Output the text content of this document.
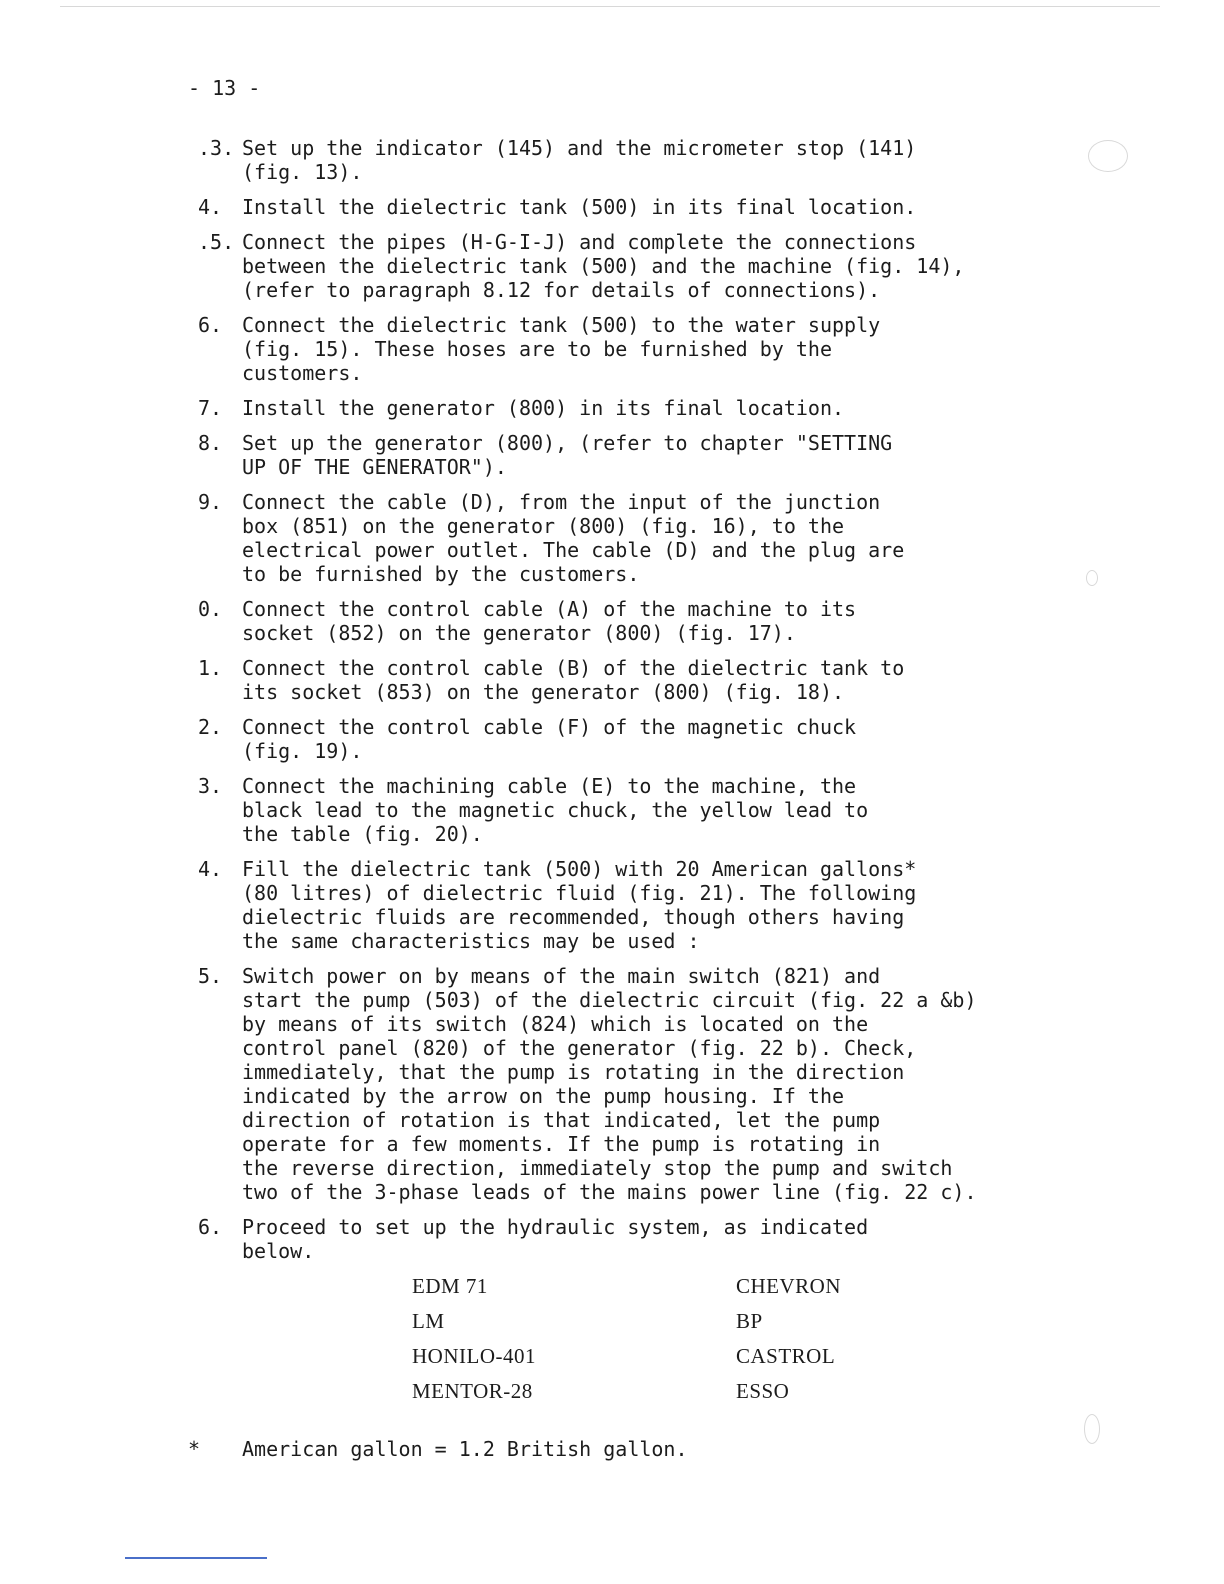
- 13 -
.3. Set up the indicator (145) and the micrometer stop (141)
(fig. 13).
4. Install the dielectric tank (500) in its final location.
.5. Connect the pipes (H-G-I-J) and complete the connections
between the dielectric tank (500) and the machine (fig. 14),
(refer to paragraph 8.12 for details of connections).
6. Connect the dielectric tank (500) to the water supply
(fig. 15). These hoses are to be furnished by the
customers.
7. Install the generator (800) in its final location.
8. Set up the generator (800), (refer to chapter "SETTING
UP OF THE GENERATOR").
9. Connect the cable (D), from the input of the junction
box (851) on the generator (800) (fig. 16), to the
electrical power outlet. The cable (D) and the plug are
to be furnished by the customers.
0. Connect the control cable (A) of the machine to its
socket (852) on the generator (800) (fig. 17).
1. Connect the control cable (B) of the dielectric tank to
its socket (853) on the generator (800) (fig. 18).
2. Connect the control cable (F) of the magnetic chuck
(fig. 19).
3. Connect the machining cable (E) to the machine, the
black lead to the magnetic chuck, the yellow lead to
the table (fig. 20).
4. Fill the dielectric tank (500) with 20 American gallons*
(80 litres) of dielectric fluid (fig. 21). The following
dielectric fluids are recommended, though others having
the same characteristics may be used :
5. Switch power on by means of the main switch (821) and
start the pump (503) of the dielectric circuit (fig. 22 a &b)
by means of its switch (824) which is located on the
control panel (820) of the generator (fig. 22 b). Check,
immediately, that the pump is rotating in the direction
indicated by the arrow on the pump housing. If the
direction of rotation is that indicated, let the pump
operate for a few moments. If the pump is rotating in
the reverse direction, immediately stop the pump and switch
two of the 3-phase leads of the mains power line (fig. 22 c).
6. Proceed to set up the hydraulic system, as indicated
below.
EDM 71	CHEVRON
LM	BP
HONILO-401	CASTROL
MENTOR-28	ESSO
*	American gallon = 1.2 British gallon.
